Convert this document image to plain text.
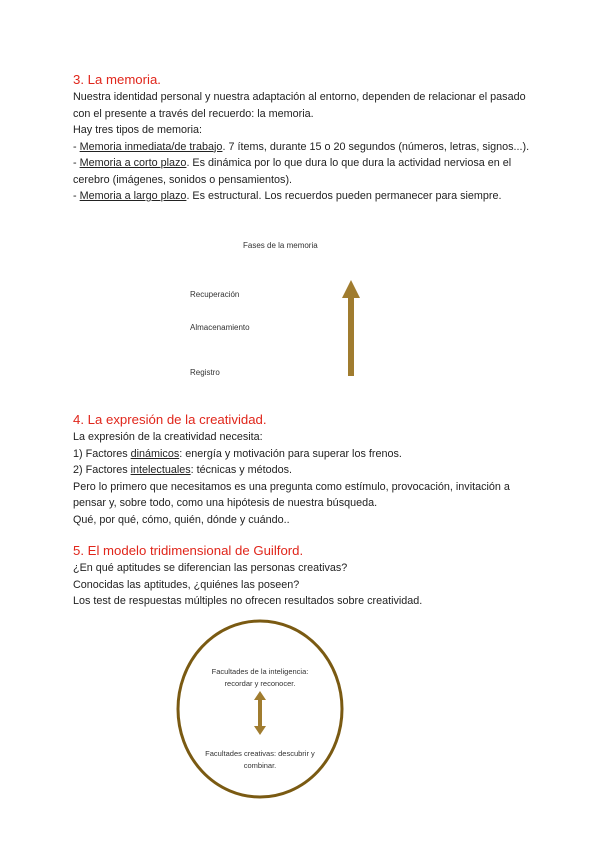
3. La memoria.
Nuestra identidad personal y nuestra adaptación al entorno, dependen de relacionar el pasado con el presente a través del recuerdo: la memoria.
Hay tres tipos de memoria:
- Memoria inmediata/de trabajo. 7 ítems, durante 15 o 20 segundos (números, letras, signos...).
- Memoria a corto plazo. Es dinámica por lo que dura lo que dura la actividad nerviosa en el cerebro (imágenes, sonidos o pensamientos).
- Memoria a largo plazo. Es estructural. Los recuerdos pueden permanecer para siempre.
Fases de la memoria
Recuperación
Almacenamiento
Registro
4. La expresión de la creatividad.
La expresión de la creatividad necesita:
1) Factores dinámicos: energía y motivación para superar los frenos.
2) Factores intelectuales: técnicas y métodos.
Pero lo primero que necesitamos es una pregunta como estímulo, provocación, invitación a pensar y, sobre todo, como una hipótesis de nuestra búsqueda.
Qué, por qué, cómo, quién, dónde y cuándo..
5. El modelo tridimensional de Guilford.
¿En qué aptitudes se diferencian las personas creativas?
Conocidas las aptitudes, ¿quiénes las poseen?
Los test de respuestas múltiples no ofrecen resultados sobre creatividad.
Facultades de la inteligencia: recordar y reconocer.
Facultades creativas: descubrir y combinar.
